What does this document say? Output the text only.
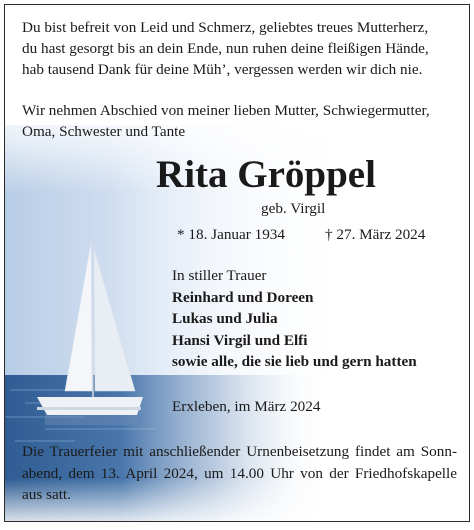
Du bist befreit von Leid und Schmerz, geliebtes treues Mutterherz,
du hast gesorgt bis an dein Ende, nun ruhen deine fleißigen Hände,
hab tausend Dank für deine Müh’, vergessen werden wir dich nie.

Wir nehmen Abschied von meiner lieben Mutter, Schwiegermutter,
Oma, Schwester und Tante

Rita Gröppel

geb. Virgil

* 18. Januar 1934	† 27. März 2024

In stiller Trauer
Reinhard und Doreen
Lukas und Julia
Hansi Virgil und Elfi
sowie alle, die sie lieb und gern hatten

Erxleben, im März 2024

Die Trauerfeier mit anschließender Urnenbeisetzung findet am Sonn-
abend, dem 13. April 2024, um 14.00 Uhr von der Friedhofskapelle
aus satt.
